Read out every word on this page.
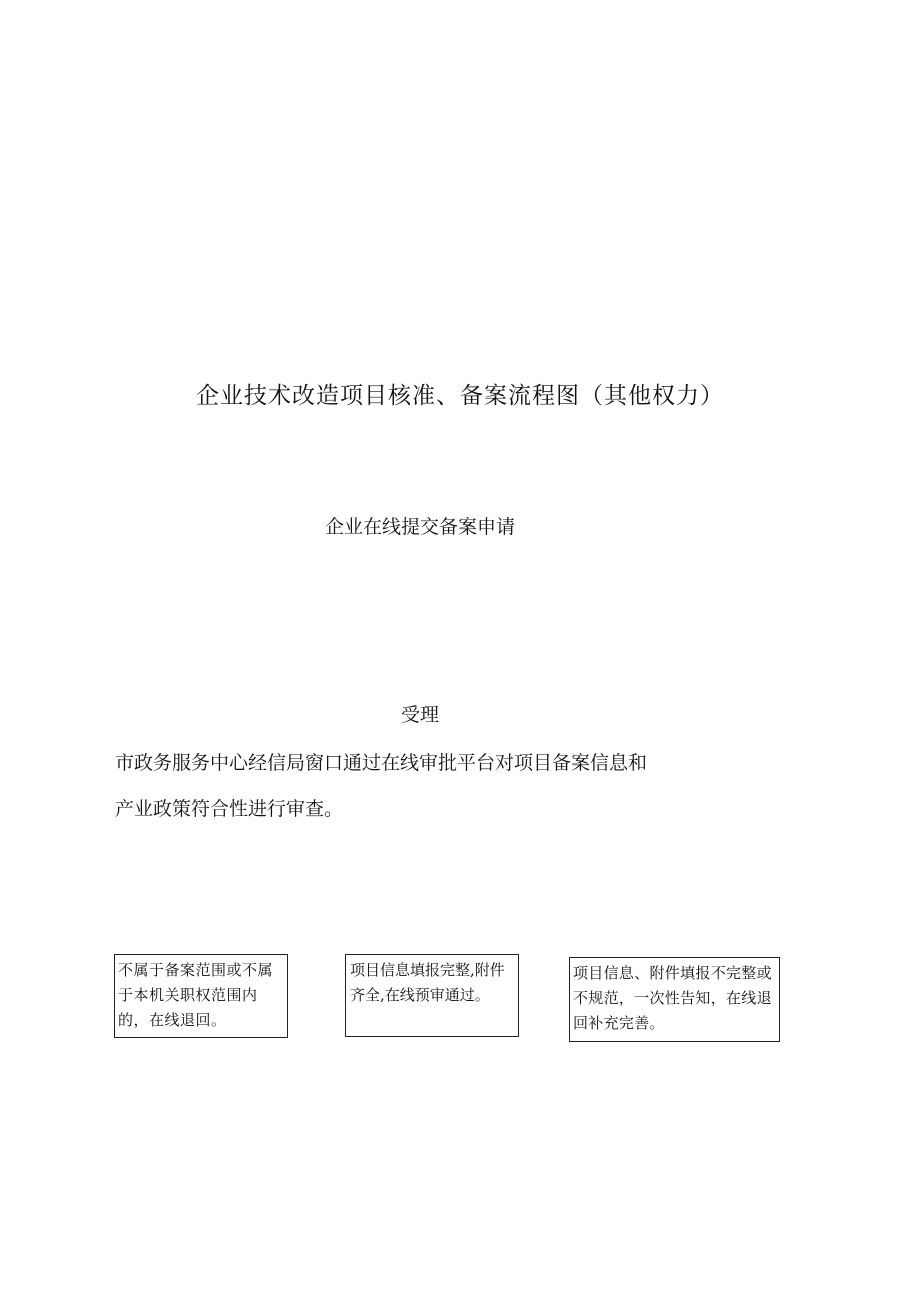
企业技术改造项目核准、备案流程图（其他权力）
企业在线提交备案申请
受理

市政务服务中心经信局窗口通过在线审批平台对项目备案信息和
产业政策符合性进行审查。

不属于备案范围或不属于本机关职权范围内的，在线退回。
项目信息填报完整,附件齐全,在线预审通过。
项目信息、附件填报不完整或不规范，一次性告知，在线退回补充完善。
